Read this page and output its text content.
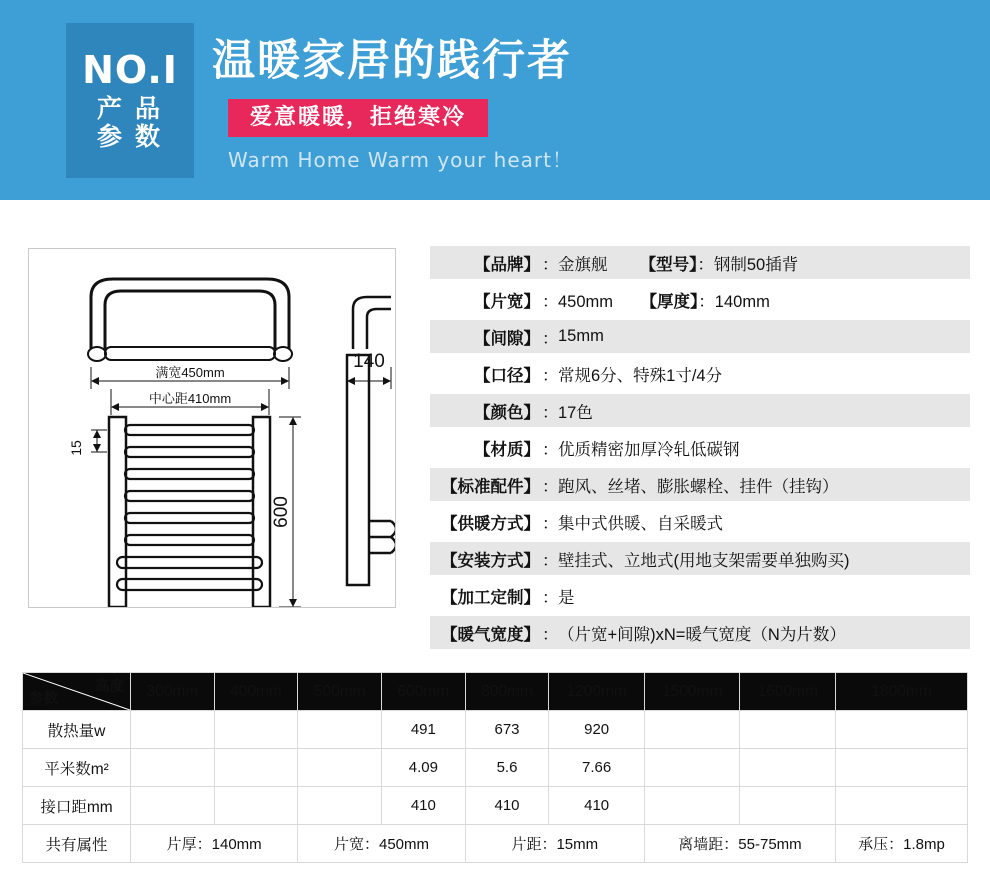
NO.I
产 品
参 数
温暖家居的践行者
爱意暖暖，拒绝寒冷
Warm Home Warm your heart！
满宽450mm
中心距410mm
15
600
140
【品牌】 ： 金旗舰 【型号】：钢制50插背
【片宽】 ： 450mm 【厚度】：140mm
【间隙】 ： 15mm
【口径】 ： 常规6分、特殊1寸/4分
【颜色】 ： 17色
【材质】 ： 优质精密加厚冷轧低碳钢
【标准配件】 ： 跑风、丝堵、膨胀螺栓、挂件（挂钩）
【供暖方式】 ： 集中式供暖、自采暖式
【安装方式】 ： 壁挂式、立地式(用地支架需要单独购买)
【加工定制】 ： 是
【暖气宽度】 ： （片宽+间隙)xN=暖气宽度（N为片数）
高度
参数	300mm	400mm	500mm	600mm	800mm	1200mm	1500mm	1600mm	1800mm
散热量w				491	673	920			
平米数m²				4.09	5.6	7.66			
接口距mm				410	410	410			
共有属性	片厚：140mm		片宽：450mm		片距：15mm		离墙距：55-75mm		承压：1.8mp
